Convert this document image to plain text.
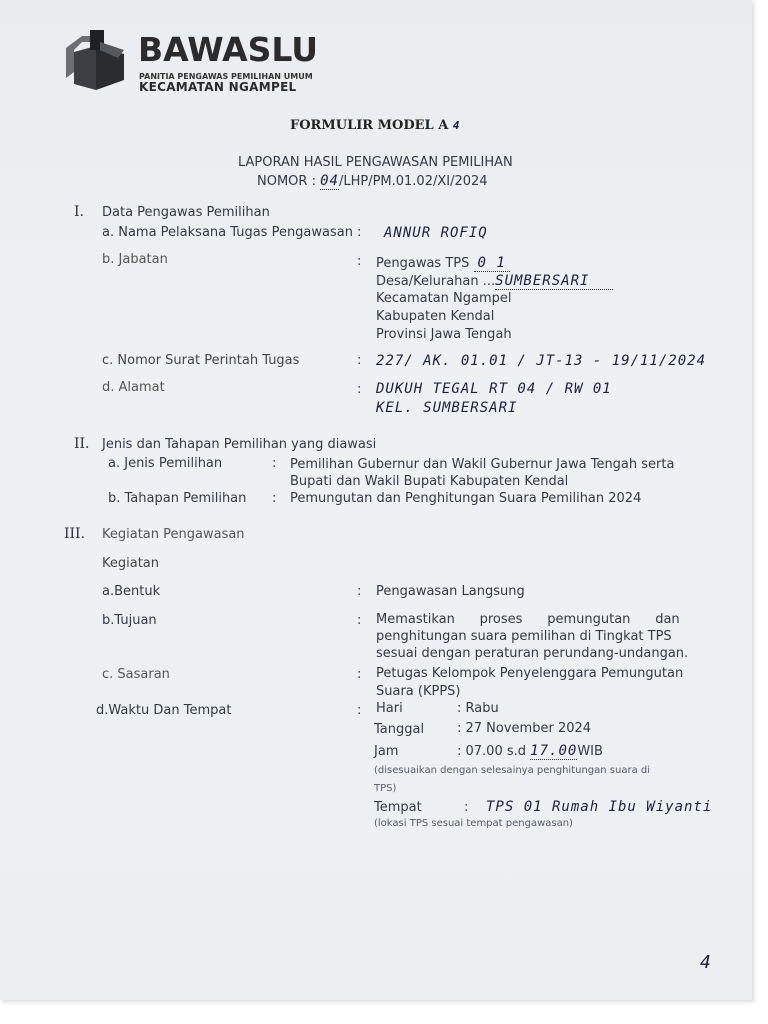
BAWASLU
PANITIA PENGAWAS PEMILIHAN UMUM
KECAMATAN NGAMPEL
FORMULIR MODEL A 4
LAPORAN HASIL PENGAWASAN PEMILIHAN
NOMOR : 04/LHP/PM.01.02/XI/2024
I. Data Pengawas Pemilihan
a. Nama Pelaksana Tugas Pengawasan : ANNUR ROFIQ
b. Jabatan	: Pengawas TPS 0 1
Desa/Kelurahan ...SUMBERSARI
Kecamatan Ngampel
Kabupaten Kendal
Provinsi Jawa Tengah
c. Nomor Surat Perintah Tugas	: 227/ AK. 01.01 / JT-13 - 19/11/2024
d. Alamat	: DUKUH TEGAL RT 04 / RW 01
KEL. SUMBERSARI
II. Jenis dan Tahapan Pemilihan yang diawasi
a. Jenis Pemilihan	: Pemilihan Gubernur dan Wakil Gubernur Jawa Tengah serta
Bupati dan Wakil Bupati Kabupaten Kendal
b. Tahapan Pemilihan : Pemungutan dan Penghitungan Suara Pemilihan 2024
III. Kegiatan Pengawasan
Kegiatan
a.Bentuk	: Pengawasan Langsung
b.Tujuan	: Memastikan      proses      pemungutan      dan
penghitungan suara pemilihan di Tingkat TPS
sesuai dengan peraturan perundang-undangan.
c. Sasaran	: Petugas Kelompok Penyelenggara Pemungutan
Suara (KPPS)
d.Waktu Dan Tempat	: Hari	: Rabu
Tanggal	: 27 November 2024
Jam	: 07.00 s.d 17.00WIB
(disesuaikan dengan selesainya penghitungan suara di
TPS)
Tempat	: TPS 01 Rumah Ibu Wiyanti
(lokasi TPS sesuai tempat pengawasan)
4
